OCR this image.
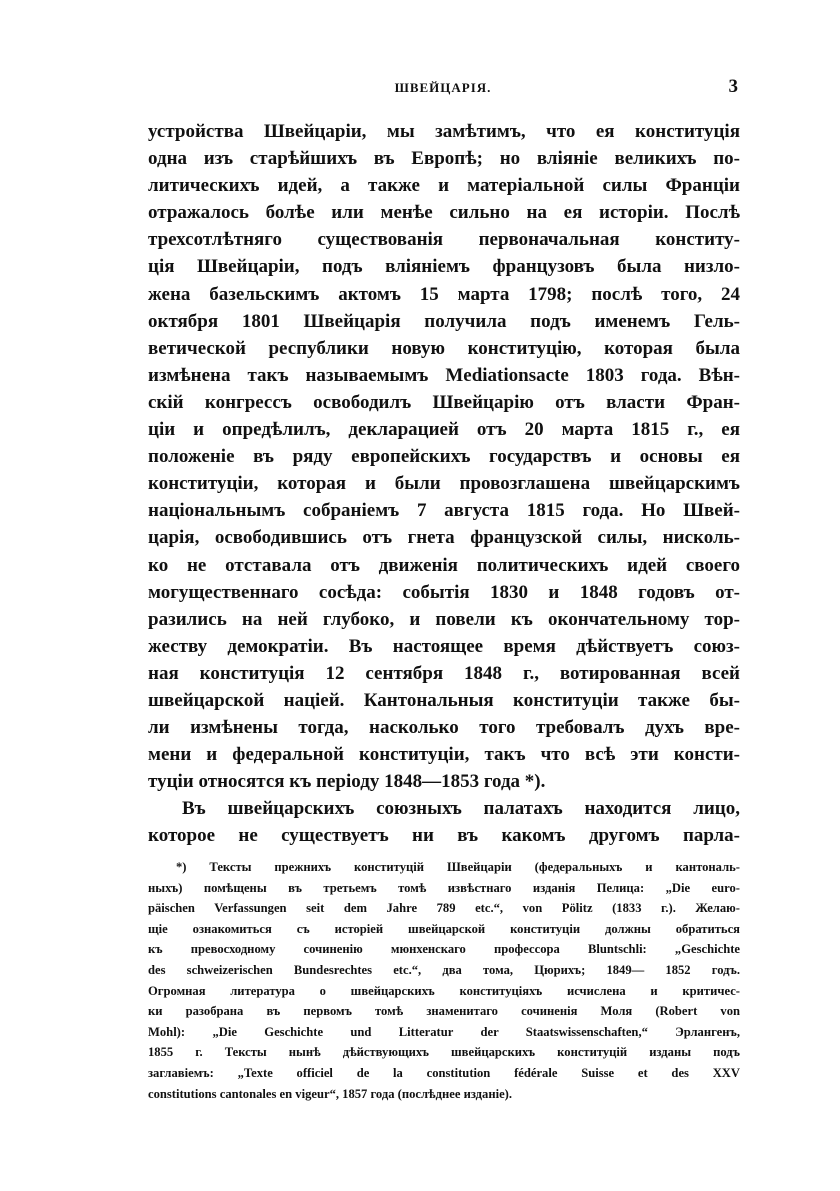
ШВЕЙЦАРІЯ.	3
устройства Швейцаріи, мы замѣтимъ, что ея конституція
одна изъ старѣйшихъ въ Европѣ; но вліяніе великихъ по-
литическихъ идей, а также и матеріальной силы Франціи
отражалось болѣе или менѣе сильно на ея исторіи. Послѣ
трехсотлѣтняго существованія первоначальная конститу-
ція Швейцаріи, подъ вліяніемъ французовъ была низло-
жена базельскимъ актомъ 15 марта 1798; послѣ того, 24
октября 1801 Швейцарія получила подъ именемъ Гель-
ветической республики новую конституцію, которая была
измѣнена такъ называемымъ Mediationsacte 1803 года. Вѣн-
скій конгрессъ освободилъ Швейцарію отъ власти Фран-
ціи и опредѣлилъ, декларацией отъ 20 марта 1815 г., ея
положеніе въ ряду европейскихъ государствъ и основы ея
конституціи, которая и были провозглашена швейцарскимъ
національнымъ собраніемъ 7 августа 1815 года. Но Швей-
царія, освободившись отъ гнета французской силы, нисколь-
ко не отставала отъ движенія политическихъ идей своего
могущественнаго сосѣда: событія 1830 и 1848 годовъ от-
разились на ней глубоко, и повели къ окончательному тор-
жеству демократіи. Въ настоящее время дѣйствуетъ союз-
ная конституція 12 сентября 1848 г., вотированная всей
швейцарской націей. Кантональныя конституціи также бы-
ли измѣнены тогда, насколько того требовалъ духъ вре-
мени и федеральной конституціи, такъ что всѣ эти консти-
туціи относятся къ періоду 1848—1853 года *).
Въ швейцарскихъ союзныхъ палатахъ находится лицо,
которое не существуетъ ни въ какомъ другомъ парла-
*) Тексты прежнихъ конституцій Швейцаріи (федеральныхъ и кантональ-
ныхъ) помѣщены въ третьемъ томѣ извѣстнаго изданія Пелица: „Die euro-
päischen Verfassungen seit dem Jahre 789 etc.“, von Pölitz (1833 г.). Желаю-
щіе ознакомиться съ исторіей швейцарской конституціи должны обратиться
къ превосходному сочиненію мюнхенскаго профессора Bluntschli: „Geschichte
des schweizerischen Bundesrechtes etc.“, два тома, Цюрихъ; 1849— 1852 годъ.
Огромная литература о швейцарскихъ конституціяхъ исчислена и критичес-
ки разобрана въ первомъ томѣ знаменитаго сочиненія Моля (Robert von
Mohl): „Die Geschichte und Litteratur der Staatswissenschaften,“ Эрлангенъ,
1855 г. Тексты нынѣ дѣйствующихъ швейцарскихъ конституцій изданы подъ
заглавіемъ: „Texte officiel de la constitution fédérale Suisse et des XXV
constitutions cantonales en vigeur“, 1857 года (послѣднее изданіе).
